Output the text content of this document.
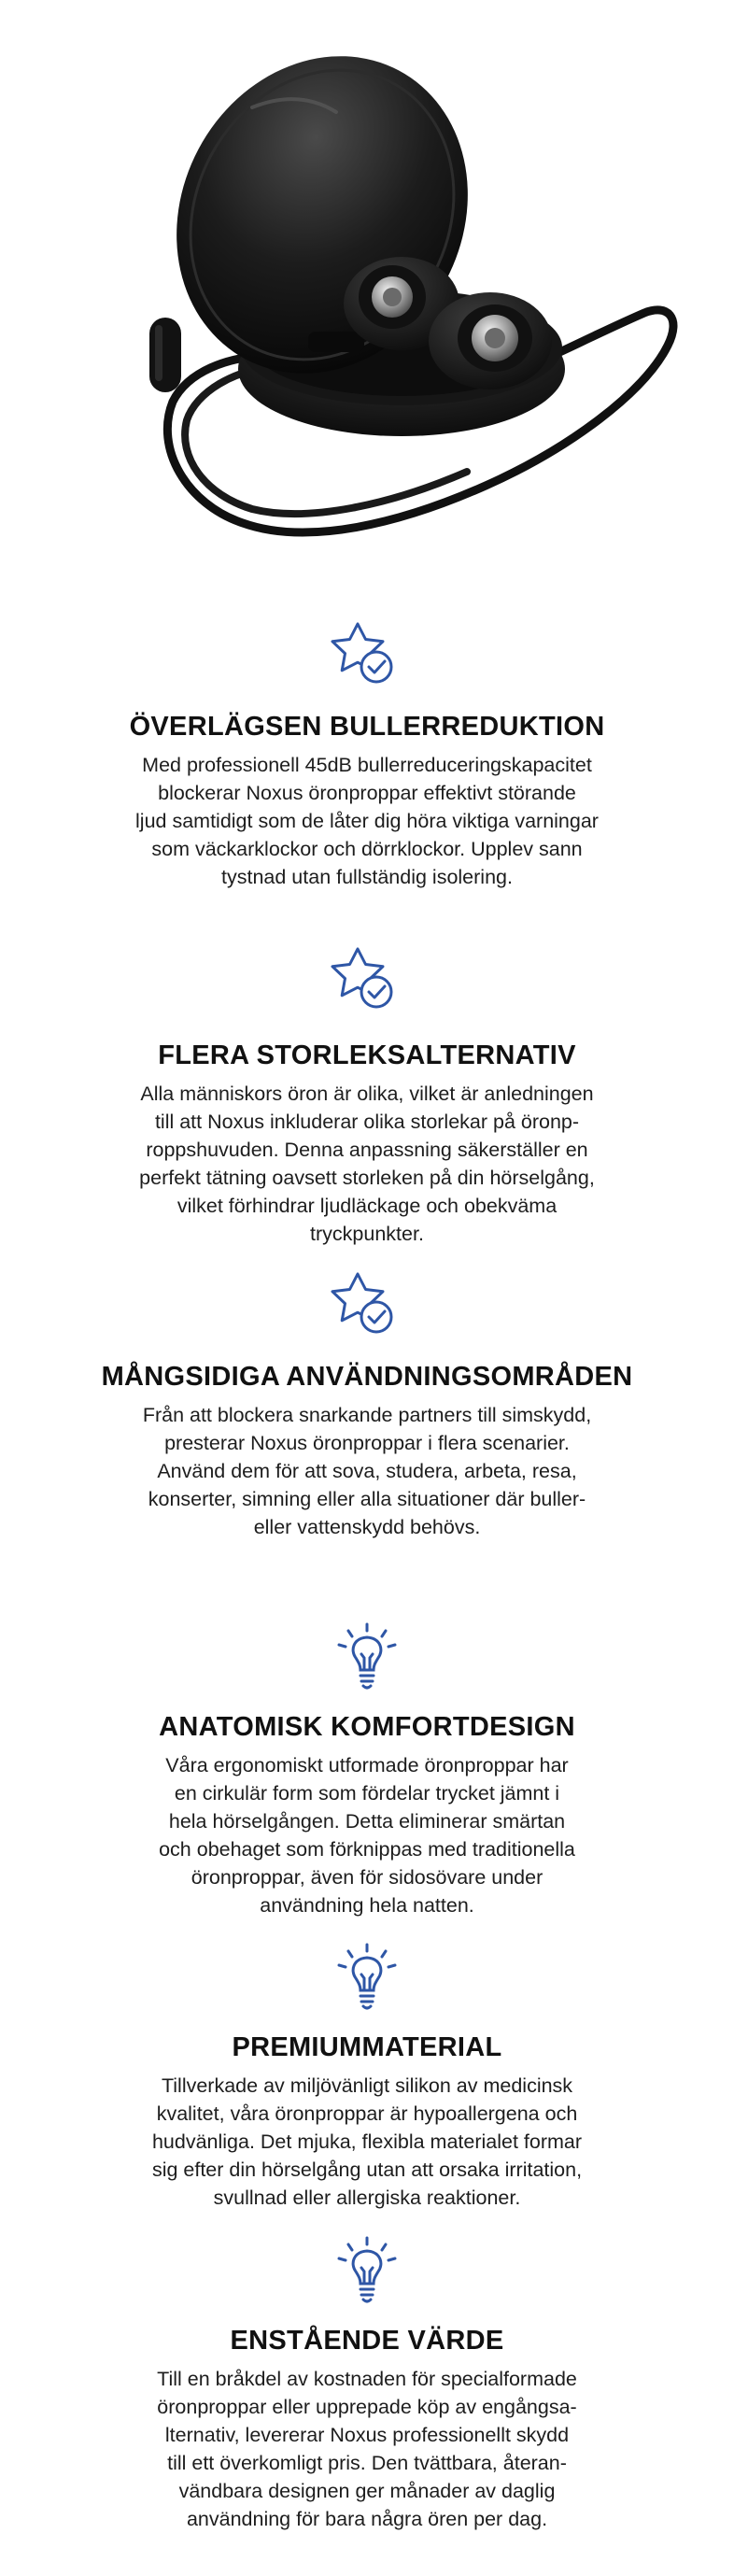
ÖVERLÄGSEN BULLERREDUKTION

Med professionell 45dB bullerreduceringskapacitet
blockerar Noxus öronproppar effektivt störande
ljud samtidigt som de låter dig höra viktiga varningar
som väckarklockor och dörrklockor. Upplev sann
tystnad utan fullständig isolering.

FLERA STORLEKSALTERNATIV

Alla människors öron är olika, vilket är anledningen
till att Noxus inkluderar olika storlekar på öronp-
roppshuvuden. Denna anpassning säkerställer en
perfekt tätning oavsett storleken på din hörselgång,
vilket förhindrar ljudläckage och obekväma
tryckpunkter.

MÅNGSIDIGA ANVÄNDNINGSOMRÅDEN

Från att blockera snarkande partners till simskydd,
presterar Noxus öronproppar i flera scenarier.
Använd dem för att sova, studera, arbeta, resa,
konserter, simning eller alla situationer där buller-
eller vattenskydd behövs.

ANATOMISK KOMFORTDESIGN

Våra ergonomiskt utformade öronproppar har
en cirkulär form som fördelar trycket jämnt i
hela hörselgången. Detta eliminerar smärtan
och obehaget som förknippas med traditionella
öronproppar, även för sidosövare under
användning hela natten.

PREMIUMMATERIAL

Tillverkade av miljövänligt silikon av medicinsk
kvalitet, våra öronproppar är hypoallergena och
hudvänliga. Det mjuka, flexibla materialet formar
sig efter din hörselgång utan att orsaka irritation,
svullnad eller allergiska reaktioner.

ENSTÅENDE VÄRDE

Till en bråkdel av kostnaden för specialformade
öronproppar eller upprepade köp av engångsa-
lternativ, levererar Noxus professionellt skydd
till ett överkomligt pris. Den tvättbara, återan-
vändbara designen ger månader av daglig
användning för bara några ören per dag.
